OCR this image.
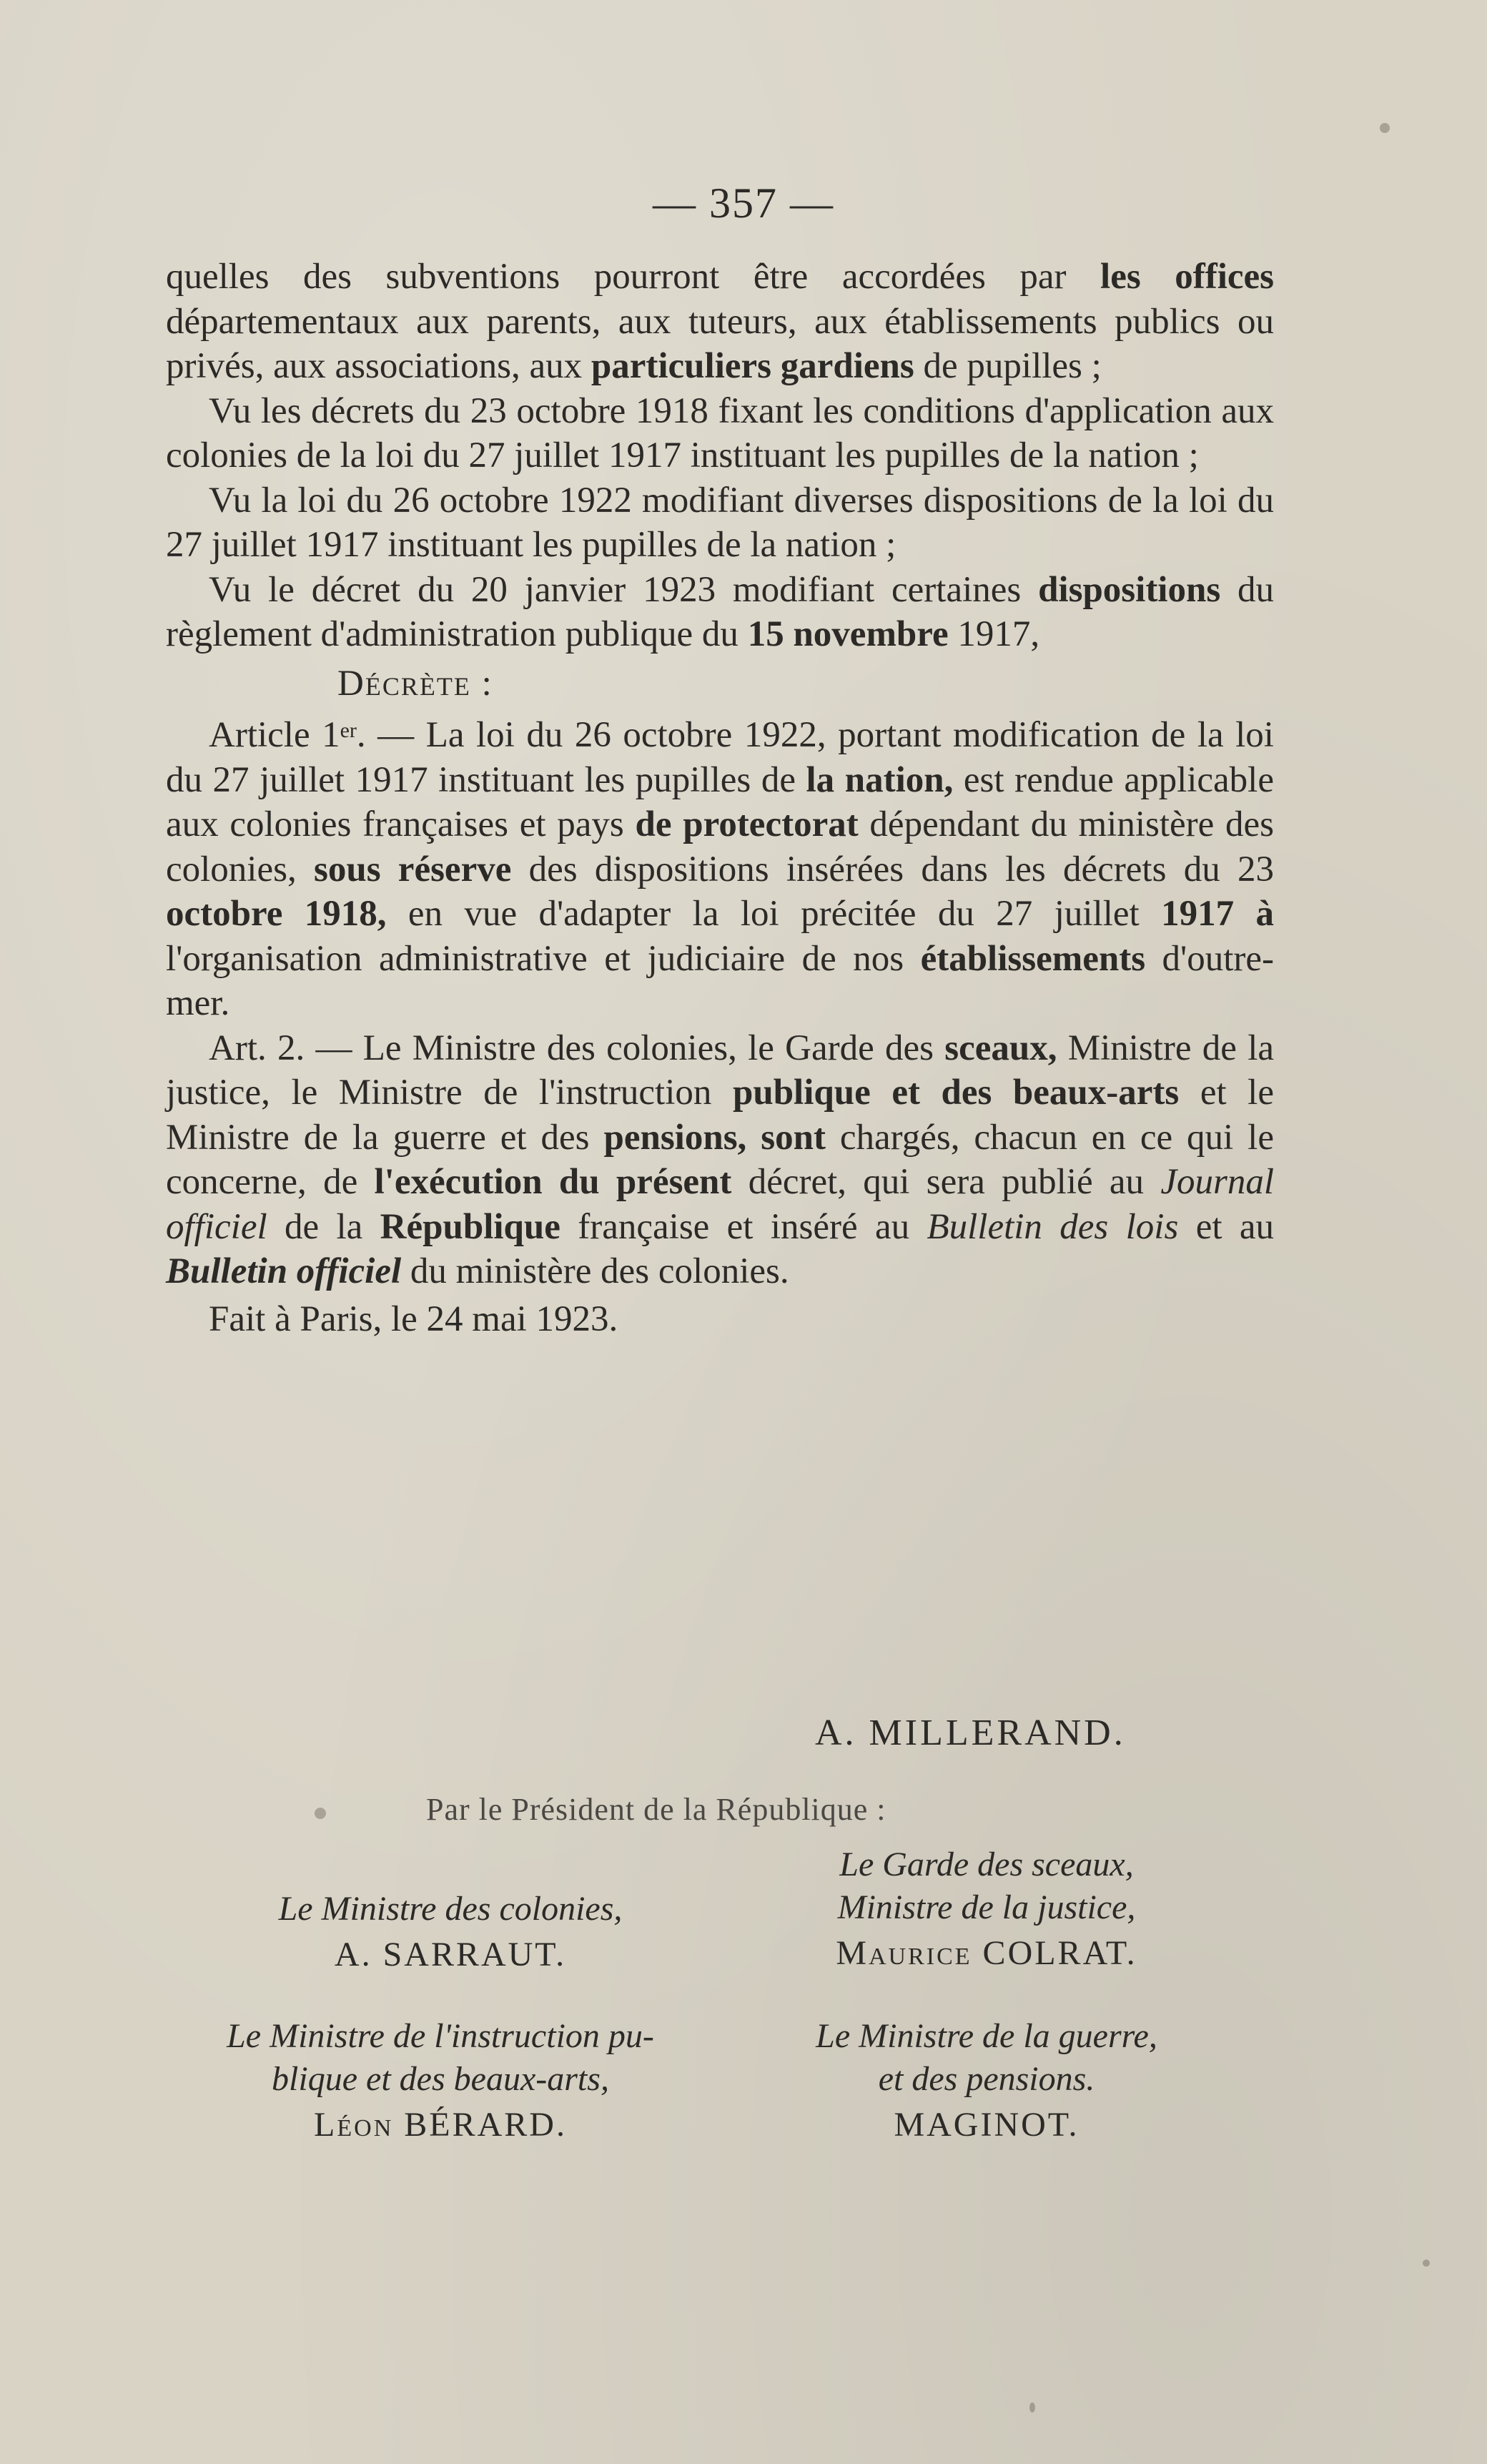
— 357 —

quelles des subventions pourront être accordées par les offices départementaux aux parents, aux tuteurs, aux établissements publics ou privés, aux associations, aux particuliers gardiens de pupilles ;

Vu les décrets du 23 octobre 1918 fixant les conditions d'application aux colonies de la loi du 27 juillet 1917 instituant les pupilles de la nation ;

Vu la loi du 26 octobre 1922 modifiant diverses dispositions de la loi du 27 juillet 1917 instituant les pupilles de la nation ;

Vu le décret du 20 janvier 1923 modifiant certaines dispositions du règlement d'administration publique du 15 novembre 1917,

Décrète :

Article 1er. — La loi du 26 octobre 1922, portant modification de la loi du 27 juillet 1917 instituant les pupilles de la nation, est rendue applicable aux colonies françaises et pays de protectorat dépendant du ministère des colonies, sous réserve des dispositions insérées dans les décrets du 23 octobre 1918, en vue d'adapter la loi précitée du 27 juillet 1917 à l'organisation administrative et judiciaire de nos établissements d'outre-mer.

Art. 2. — Le Ministre des colonies, le Garde des sceaux, Ministre de la justice, le Ministre de l'instruction publique et des beaux-arts et le Ministre de la guerre et des pensions, sont chargés, chacun en ce qui le concerne, de l'exécution du présent décret, qui sera publié au Journal officiel de la République française et inséré au Bulletin des lois et au Bulletin officiel du ministère des colonies.

Fait à Paris, le 24 mai 1923.

A. MILLERAND.
Par le Président de la République :
Le Ministre des colonies,
A. SARRAUT.
Le Garde des sceaux,
Ministre de la justice,
Maurice COLRAT.
Le Ministre de l'instruction pu-
blique et des beaux-arts,
Léon BÉRARD.
Le Ministre de la guerre,
et des pensions.
MAGINOT.
